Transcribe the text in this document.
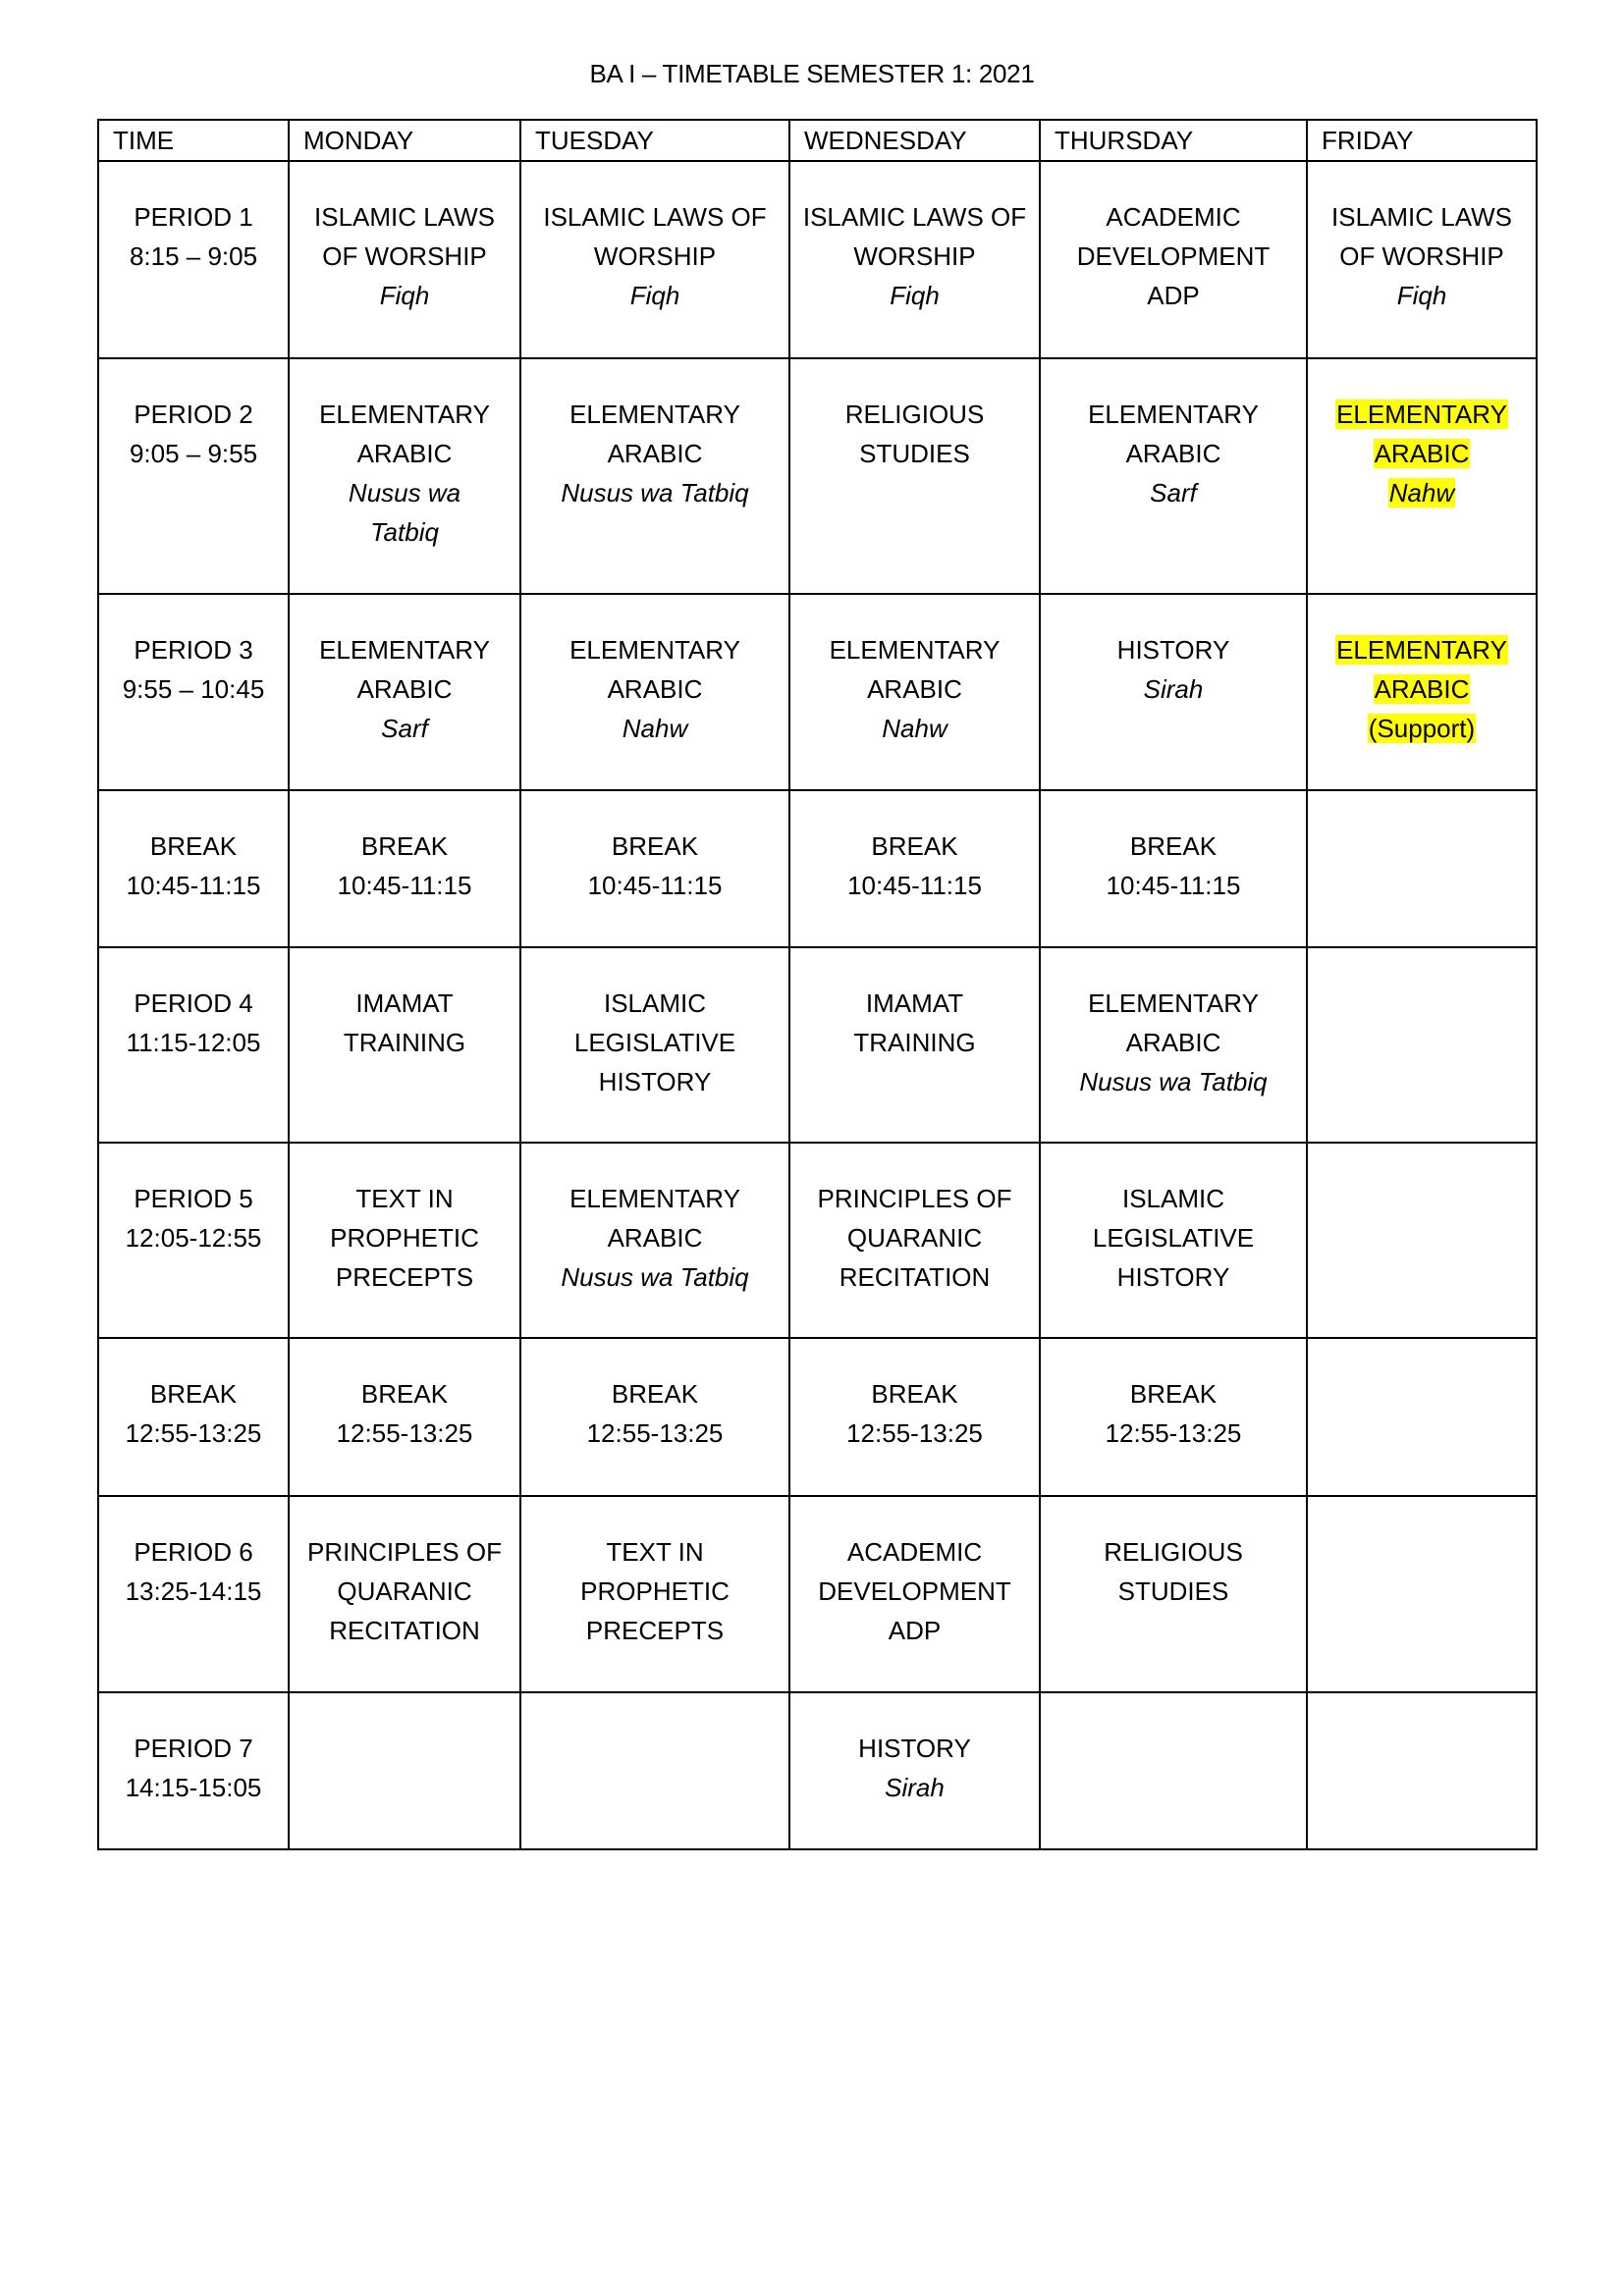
BA I – TIMETABLE SEMESTER 1: 2021
TIME	MONDAY	TUESDAY	WEDNESDAY	THURSDAY	FRIDAY

PERIOD 1
8:15 – 9:05	ISLAMIC LAWS
OF WORSHIP
Fiqh	ISLAMIC LAWS OF
WORSHIP
Fiqh	ISLAMIC LAWS OF
WORSHIP
Fiqh	ACADEMIC
DEVELOPMENT
ADP	ISLAMIC LAWS
OF WORSHIP
Fiqh

PERIOD 2
9:05 – 9:55	ELEMENTARY
ARABIC
Nusus wa
Tatbiq	ELEMENTARY
ARABIC
Nusus wa Tatbiq	RELIGIOUS
STUDIES	ELEMENTARY
ARABIC
Sarf	ELEMENTARY
ARABIC
Nahw

PERIOD 3
9:55 – 10:45	ELEMENTARY
ARABIC
Sarf	ELEMENTARY
ARABIC
Nahw	ELEMENTARY
ARABIC
Nahw	HISTORY
Sirah	ELEMENTARY
ARABIC
(Support)

BREAK
10:45-11:15	BREAK
10:45-11:15	BREAK
10:45-11:15	BREAK
10:45-11:15	BREAK
10:45-11:15	

PERIOD 4
11:15-12:05	IMAMAT
TRAINING	ISLAMIC
LEGISLATIVE
HISTORY	IMAMAT
TRAINING	ELEMENTARY
ARABIC
Nusus wa Tatbiq	

PERIOD 5
12:05-12:55	TEXT IN
PROPHETIC
PRECEPTS	ELEMENTARY
ARABIC
Nusus wa Tatbiq	PRINCIPLES OF
QUARANIC
RECITATION	ISLAMIC
LEGISLATIVE
HISTORY	

BREAK
12:55-13:25	BREAK
12:55-13:25	BREAK
12:55-13:25	BREAK
12:55-13:25	BREAK
12:55-13:25	

PERIOD 6
13:25-14:15	PRINCIPLES OF
QUARANIC
RECITATION	TEXT IN
PROPHETIC
PRECEPTS	ACADEMIC
DEVELOPMENT
ADP	RELIGIOUS
STUDIES	

PERIOD 7
14:15-15:05			HISTORY
Sirah		
